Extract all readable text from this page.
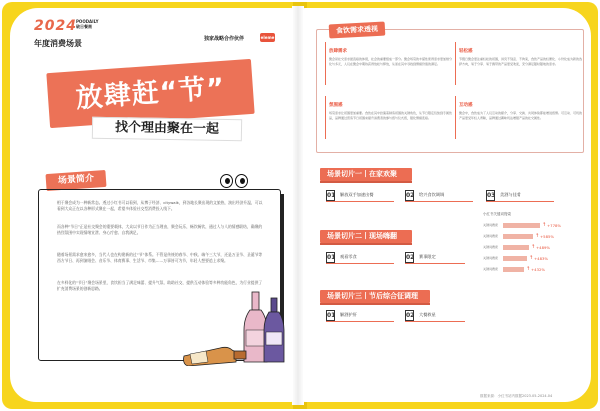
2024 POODAILY
破日餐商
年度消费场景	独家战略合作伙伴	eleme
放肆赶“节”
找个理由聚在一起
场景简介

相于聚会成为一种新常态。透过小红书可以看到，从博子经济、citywalk，到各地长聚出现的文旅热，演出经济升温，可以看到大众正在以各种形式聚在一起，希望多体验社交型消费投入线下。

而各种“节日”正是社交聚会的重要载体，大众以节日作为正当理由，聚会玩乐，畅饮畅饮，通过人与人的情感联结，确聚的热烈氛围中实现情绪宣泄、身心疗愈、自我满足。

随着场景需求愈来愈多，当代人也在构建新的过“节”体系。不管是传统的春节、中秋、端午三大节，还是万圣节、圣诞节等西方节日、再到演唱会、音乐节、体育赛事、生活节、市集……万事皆可为节，年轻人想要追上求聚。

在多样化的“节日”聚会场景里，食饮担当了满足味蕾、提升气氛、助助社交、提供互动体验等多种功能角色，为行业提供了扩充消费场景的创新思路。

放肆需求
聚会是社交需求最直接的体现，社会的重要组成一部分。聚会场景的丰富性使得需求更加细分化与多元，人们在聚会中期待获得放松与释放，从而在其中寻找到情绪价值的满足。
轻松感
节假日聚会更注重轻松的氛围，讲究不刻意、不拘束，食饮产品的轻便化、小份化成为新的选择方向，易于分享、易于携带的产品更受欢迎，充分满足随时随地的需求。
氛围感
场景需求让氛围更加重要。食饮在其中扮演着制造氛围的关键角色，从节日限定包装到专属饮品，品牌通过营造节日氛围来提升消费者的参与感与仪式感，强化情绪连接。
互动感
聚会中，食饮成为了人们互动的媒介，分享、交换、共同体验都能增进感情。可互动、可玩的产品更受年轻人青睐，品牌通过趣味玩法增强产品的社交属性。
食饮需求透视
场景切片一丨在家欢聚
01 解放双手加速出餐	02 给兴食饮调调	03 美酒与佳肴
场景切片二丨现场嗨翻
01 观看零食	02 赛事限定
场景切片三丨节后综合征调理
01 解酒护肝	02 大餐救星
小红书关键词搜索
关键词搜索	↑ +778%
关键词搜索	↑ +585%
关键词搜索	↑ +489%
关键词搜索	↑ +483%
关键词搜索	↑ +432%
数据来源：小红书站内数据2023.05-2024.04
